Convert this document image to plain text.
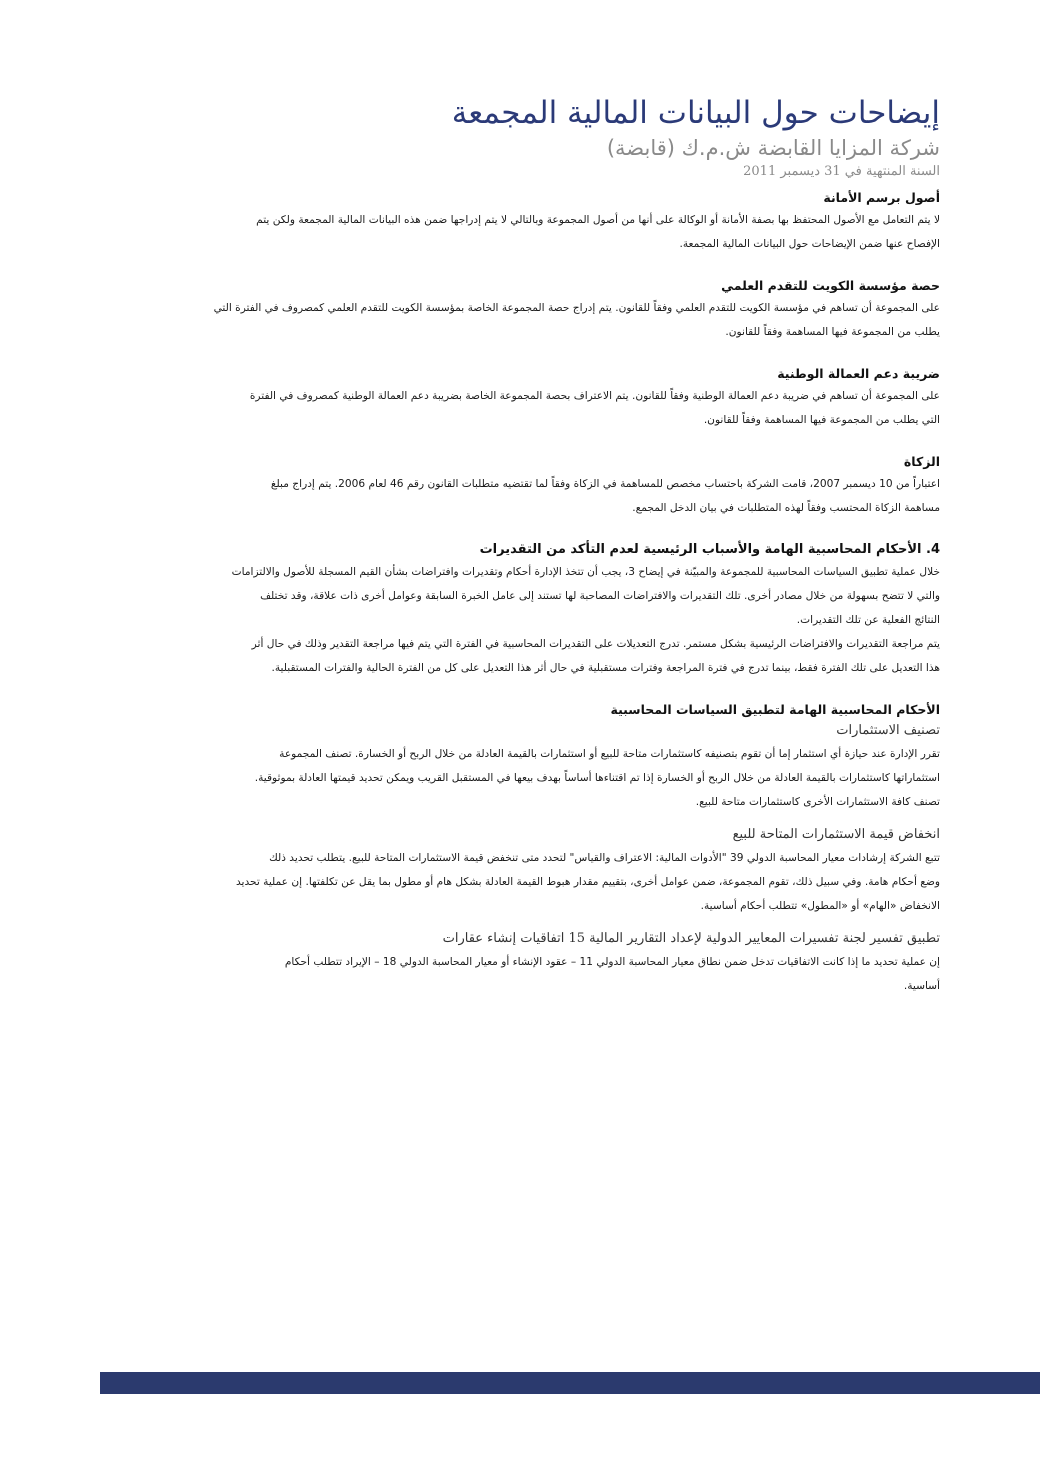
إيضاحات حول البيانات المالية المجمعة
شركة المزايا القابضة ش.م.ك (قابضة)
السنة المنتهية في 31 ديسمبر 2011
أصول برسم الأمانة
لا يتم التعامل مع الأصول المحتفظ بها بصفة الأمانة أو الوكالة على أنها من أصول المجموعة وبالتالي لا يتم إدراجها ضمن هذه البيانات المالية المجمعة ولكن يتم
الإفصاح عنها ضمن الإيضاحات حول البيانات المالية المجمعة.
حصة مؤسسة الكويت للتقدم العلمي
على المجموعة أن تساهم في مؤسسة الكويت للتقدم العلمي وفقاً للقانون. يتم إدراج حصة المجموعة الخاصة بمؤسسة الكويت للتقدم العلمي كمصروف في الفترة التي
يطلب من المجموعة فيها المساهمة وفقاً للقانون.
ضريبة دعم العمالة الوطنية
على المجموعة أن تساهم في ضريبة دعم العمالة الوطنية وفقاً للقانون. يتم الاعتراف بحصة المجموعة الخاصة بضريبة دعم العمالة الوطنية كمصروف في الفترة
التي يطلب من المجموعة فيها المساهمة وفقاً للقانون.
الزكاة
اعتباراً من 10 ديسمبر 2007، قامت الشركة باحتساب مخصص للمساهمة في الزكاة وفقاً لما تقتضيه متطلبات القانون رقم 46 لعام 2006. يتم إدراج مبلغ
مساهمة الزكاة المحتسب وفقاً لهذه المتطلبات في بيان الدخل المجمع.
4. الأحكام المحاسبية الهامة والأسباب الرئيسية لعدم التأكد من التقديرات
خلال عملية تطبيق السياسات المحاسبية للمجموعة والمبيّنة في إيضاح 3، يجب أن تتخذ الإدارة أحكام وتقديرات وافتراضات بشأن القيم المسجلة للأصول والالتزامات
والتي لا تتضح بسهولة من خلال مصادر أخرى. تلك التقديرات والافتراضات المصاحبة لها تستند إلى عامل الخبرة السابقة وعوامل أخرى ذات علاقة، وقد تختلف
النتائج الفعلية عن تلك التقديرات.
يتم مراجعة التقديرات والافتراضات الرئيسية بشكل مستمر. تدرج التعديلات على التقديرات المحاسبية في الفترة التي يتم فيها مراجعة التقدير وذلك في حال أثر
هذا التعديل على تلك الفترة فقط، بينما تدرج في فترة المراجعة وفترات مستقبلية في حال أثر هذا التعديل على كل من الفترة الحالية والفترات المستقبلية.
الأحكام المحاسبية الهامة لتطبيق السياسات المحاسبية
تصنيف الاستثمارات
تقرر الإدارة عند حيازة أي استثمار إما أن تقوم بتصنيفه كاستثمارات متاحة للبيع أو استثمارات بالقيمة العادلة من خلال الربح أو الخسارة. تصنف المجموعة
استثماراتها كاستثمارات بالقيمة العادلة من خلال الربح أو الخسارة إذا تم اقتناءها أساساً بهدف بيعها في المستقبل القريب ويمكن تحديد قيمتها العادلة بموثوقية.
تصنف كافة الاستثمارات الأخرى كاستثمارات متاحة للبيع.
انخفاض قيمة الاستثمارات المتاحة للبيع
تتبع الشركة إرشادات معيار المحاسبة الدولي 39 "الأدوات المالية: الاعتراف والقياس" لتحدد متى تنخفض قيمة الاستثمارات المتاحة للبيع. يتطلب تحديد ذلك
وضع أحكام هامة. وفي سبيل ذلك، تقوم المجموعة، ضمن عوامل أخرى، بتقييم مقدار هبوط القيمة العادلة بشكل هام أو مطول بما يقل عن تكلفتها. إن عملية تحديد
الانخفاض «الهام» أو «المطول» تتطلب أحكام أساسية.
تطبيق تفسير لجنة تفسيرات المعايير الدولية لإعداد التقارير المالية 15 اتفاقيات إنشاء عقارات
إن عملية تحديد ما إذا كانت الاتفاقيات تدخل ضمن نطاق معيار المحاسبة الدولي 11 – عقود الإنشاء أو معيار المحاسبة الدولي 18 – الإيراد تتطلب أحكام
أساسية.
